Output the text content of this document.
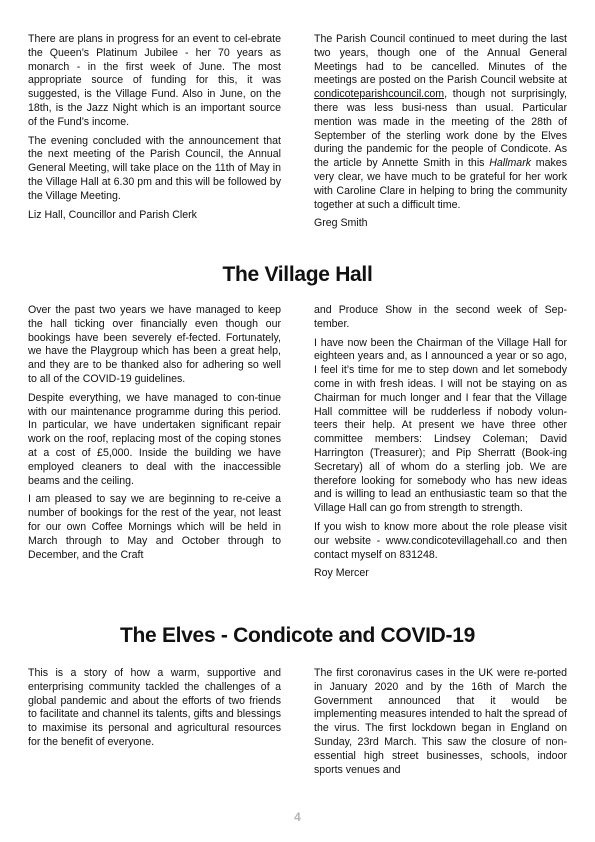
There are plans in progress for an event to cel-ebrate the Queen’s Platinum Jubilee - her 70 years as monarch - in the first week of June. The most appropriate source of funding for this, it was suggested, is the Village Fund. Also in June, on the 18th, is the Jazz Night which is an important source of the Fund’s income.

The evening concluded with the announcement that the next meeting of the Parish Council, the Annual General Meeting, will take place on the 11th of May in the Village Hall at 6.30 pm and this will be followed by the Village Meeting.

Liz Hall, Councillor and Parish Clerk

The Parish Council continued to meet during the last two years, though one of the Annual General Meetings had to be cancelled. Minutes of the meetings are posted on the Parish Council website at condicoteparishcouncil.com, though not surprisingly, there was less busi-ness than usual. Particular mention was made in the meeting of the 28th of September of the sterling work done by the Elves during the pandemic for the people of Condicote. As the article by Annette Smith in this Hallmark makes very clear, we have much to be grateful for her work with Caroline Clare in helping to bring the community together at such a difficult time.

Greg Smith

The Village Hall

Over the past two years we have managed to keep the hall ticking over financially even though our bookings have been severely ef-fected. Fortunately, we have the Playgroup which has been a great help, and they are to be thanked also for adhering so well to all of the COVID-19 guidelines.

Despite everything, we have managed to con-tinue with our maintenance programme during this period. In particular, we have undertaken significant repair work on the roof, replacing most of the coping stones at a cost of £5,000. Inside the building we have employed cleaners to deal with the inaccessible beams and the ceiling.

I am pleased to say we are beginning to re-ceive a number of bookings for the rest of the year, not least for our own Coffee Mornings which will be held in March through to May and October through to December, and the Craft

and Produce Show in the second week of Sep-tember.

I have now been the Chairman of the Village Hall for eighteen years and, as I announced a year or so ago, I feel it’s time for me to step down and let somebody come in with fresh ideas. I will not be staying on as Chairman for much longer and I fear that the Village Hall committee will be rudderless if nobody volun-teers their help. At present we have three other committee members: Lindsey Coleman; David Harrington (Treasurer); and Pip Sherratt (Book-ing Secretary) all of whom do a sterling job. We are therefore looking for somebody who has new ideas and is willing to lead an enthusiastic team so that the Village Hall can go from strength to strength.

If you wish to know more about the role please visit our website - www.condicotevillagehall.co and then contact myself on 831248.

Roy Mercer

The Elves - Condicote and COVID-19

This is a story of how a warm, supportive and enterprising community tackled the challenges of a global pandemic and about the efforts of two friends to facilitate and channel its talents, gifts and blessings to maximise its personal and agricultural resources for the benefit of everyone.

The first coronavirus cases in the UK were re-ported in January 2020 and by the 16th of March the Government announced that it would be implementing measures intended to halt the spread of the virus. The first lockdown began in England on Sunday, 23rd March. This saw the closure of non-essential high street businesses, schools, indoor sports venues and

4
